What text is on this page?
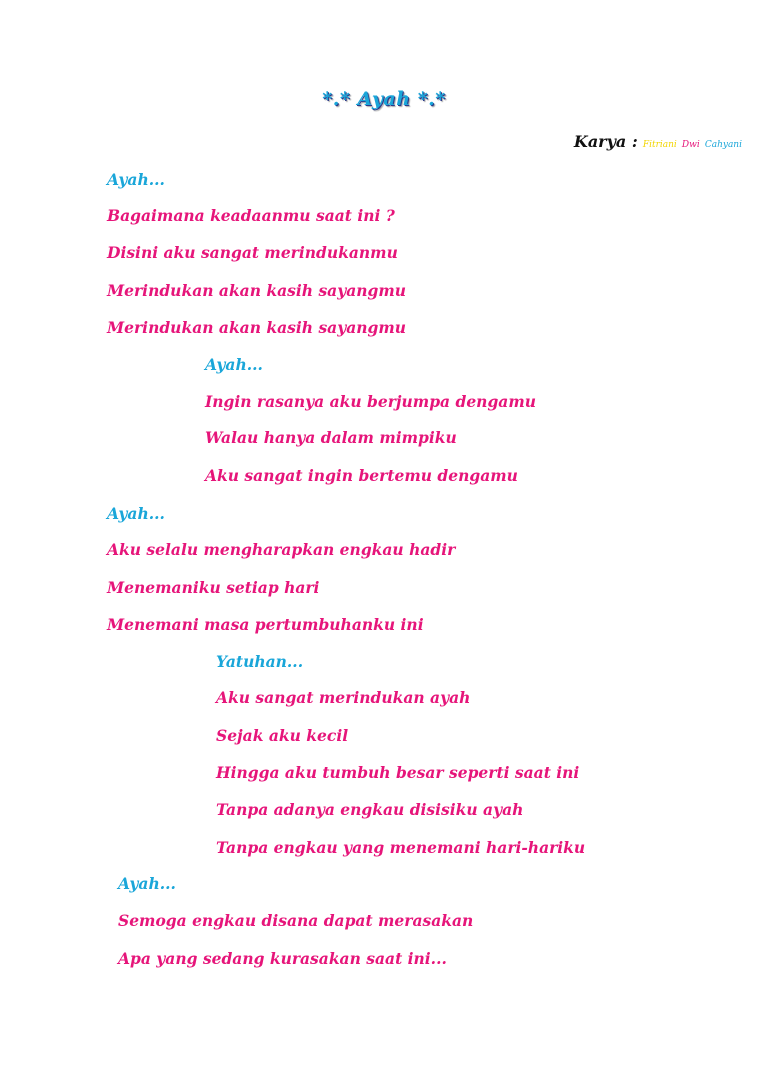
*.* Ayah *.*
Karya : Fitriani Dwi Cahyani
Ayah...
Bagaimana keadaanmu saat ini ?
Disini aku sangat merindukanmu
Merindukan akan kasih sayangmu
Merindukan akan kasih sayangmu
Ayah...
Ingin rasanya aku berjumpa dengamu
Walau hanya dalam mimpiku
Aku sangat ingin bertemu dengamu
Ayah...
Aku selalu mengharapkan engkau hadir
Menemaniku setiap hari
Menemani masa pertumbuhanku ini
Yatuhan...
Aku sangat merindukan ayah
Sejak aku kecil
Hingga aku tumbuh besar seperti saat ini
Tanpa adanya engkau disisiku ayah
Tanpa engkau yang menemani hari-hariku
Ayah...
Semoga engkau disana dapat merasakan
Apa yang sedang kurasakan saat ini...
